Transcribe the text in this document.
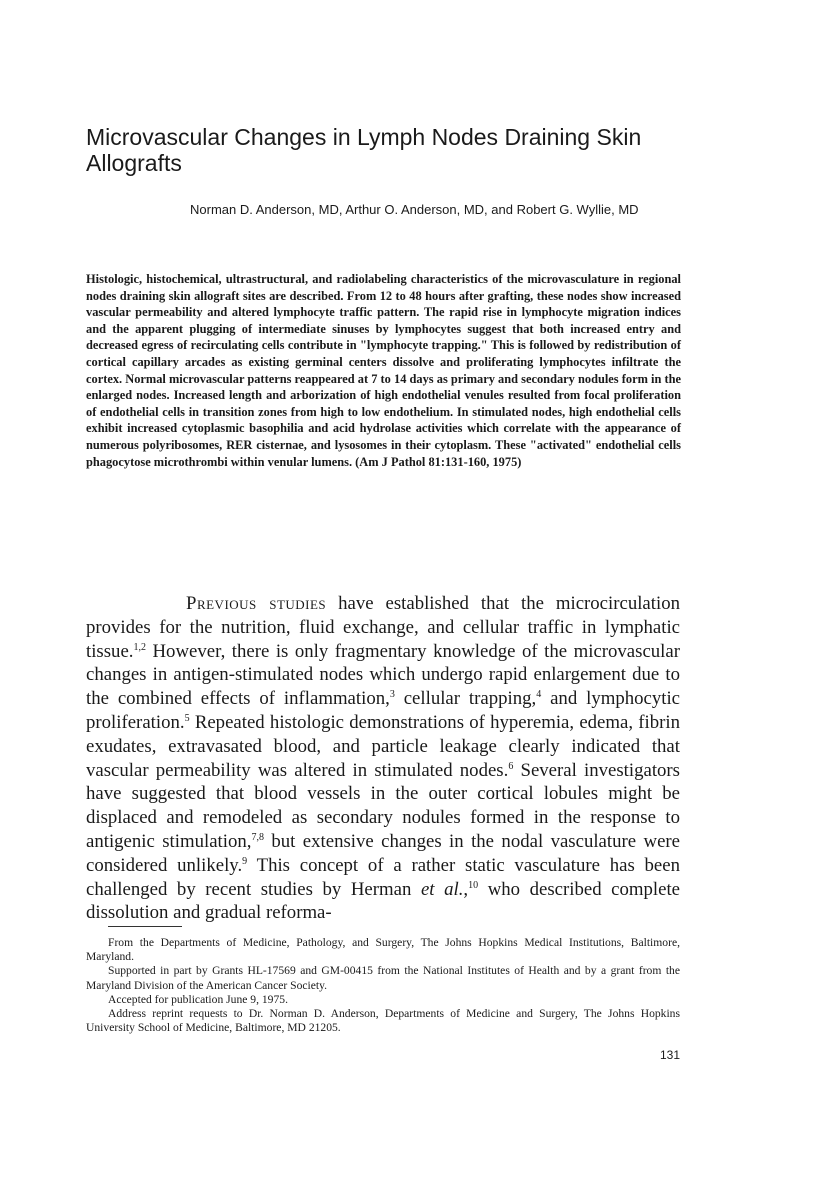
Microvascular Changes in Lymph Nodes Draining Skin Allografts

Norman D. Anderson, MD, Arthur O. Anderson, MD, and Robert G. Wyllie, MD

Histologic, histochemical, ultrastructural, and radiolabeling characteristics of the microvasculature in regional nodes draining skin allograft sites are described. From 12 to 48 hours after grafting, these nodes show increased vascular permeability and altered lymphocyte traffic pattern. The rapid rise in lymphocyte migration indices and the apparent plugging of intermediate sinuses by lymphocytes suggest that both increased entry and decreased egress of recirculating cells contribute in "lymphocyte trapping." This is followed by redistribution of cortical capillary arcades as existing germinal centers dissolve and proliferating lymphocytes infiltrate the cortex. Normal microvascular patterns reappeared at 7 to 14 days as primary and secondary nodules form in the enlarged nodes. Increased length and arborization of high endothelial venules resulted from focal proliferation of endothelial cells in transition zones from high to low endothelium. In stimulated nodes, high endothelial cells exhibit increased cytoplasmic basophilia and acid hydrolase activities which correlate with the appearance of numerous polyribosomes, RER cisternae, and lysosomes in their cytoplasm. These "activated" endothelial cells phagocytose microthrombi within venular lumens. (Am J Pathol 81:131-160, 1975)

Previous studies have established that the microcirculation provides for the nutrition, fluid exchange, and cellular traffic in lymphatic tissue.$^{1,2}$ However, there is only fragmentary knowledge of the microvascular changes in antigen-stimulated nodes which undergo rapid enlargement due to the combined effects of inflammation,$^3$ cellular trapping,$^4$ and lymphocytic proliferation.$^5$ Repeated histologic demonstrations of hyperemia, edema, fibrin exudates, extravasated blood, and particle leakage clearly indicated that vascular permeability was altered in stimulated nodes.$^6$ Several investigators have suggested that blood vessels in the outer cortical lobules might be displaced and remodeled as secondary nodules formed in the response to antigenic stimulation,$^{7,8}$ but extensive changes in the nodal vasculature were considered unlikely.$^9$ This concept of a rather static vasculature has been challenged by recent studies by Herman et al.,$^{10}$ who described complete dissolution and gradual reforma-

From the Departments of Medicine, Pathology, and Surgery, The Johns Hopkins Medical Institutions, Baltimore, Maryland.

Supported in part by Grants HL-17569 and GM-00415 from the National Institutes of Health and by a grant from the Maryland Division of the American Cancer Society.

Accepted for publication June 9, 1975.

Address reprint requests to Dr. Norman D. Anderson, Departments of Medicine and Surgery, The Johns Hopkins University School of Medicine, Baltimore, MD 21205.

131
